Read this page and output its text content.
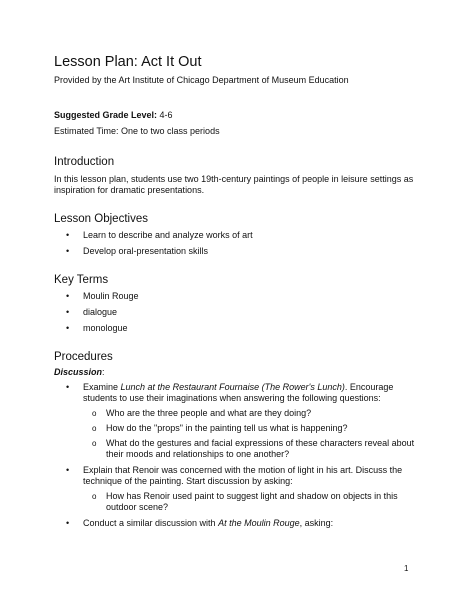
Lesson Plan: Act It Out

Provided by the Art Institute of Chicago Department of Museum Education

Suggested Grade Level: 4-6

Estimated Time: One to two class periods

Introduction

In this lesson plan, students use two 19th-century paintings of people in leisure settings as inspiration for dramatic presentations.

Lesson Objectives
• Learn to describe and analyze works of art
• Develop oral-presentation skills
Key Terms
• Moulin Rouge
• dialogue
• monologue
Procedures

Discussion:

• Examine Lunch at the Restaurant Fournaise (The Rower's Lunch). Encourage students to use their imaginations when answering the following questions:
o Who are the three people and what are they doing?
o How do the "props" in the painting tell us what is happening?
o What do the gestures and facial expressions of these characters reveal about their moods and relationships to one another?
• Explain that Renoir was concerned with the motion of light in his art. Discuss the technique of the painting. Start discussion by asking:
o How has Renoir used paint to suggest light and shadow on objects in this outdoor scene?
• Conduct a similar discussion with At the Moulin Rouge, asking:
1
